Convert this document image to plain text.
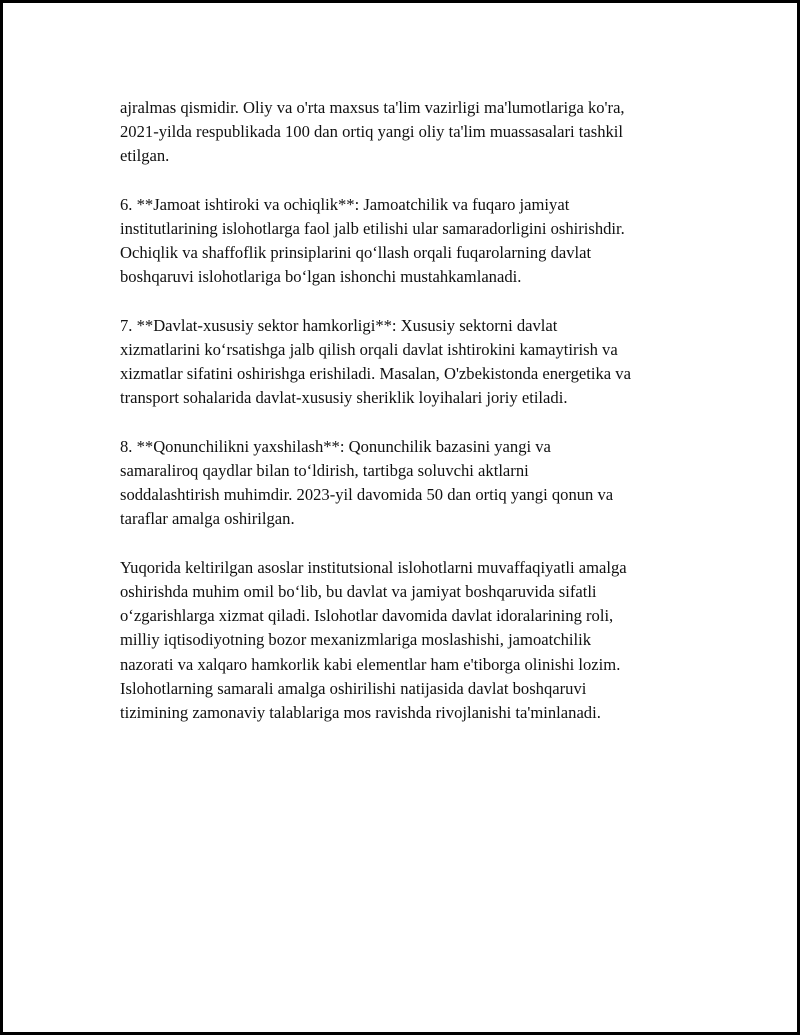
ajralmas qismidir. Oliy va o'rta maxsus ta'lim vazirligi ma'lumotlariga ko'ra,
2021-yilda respublikada 100 dan ortiq yangi oliy ta'lim muassasalari tashkil
etilgan.

6. **Jamoat ishtiroki va ochiqlik**: Jamoatchilik va fuqaro jamiyat
institutlarining islohotlarga faol jalb etilishi ular samaradorligini oshirishdir.
Ochiqlik va shaffoflik prinsiplarini qo‘llash orqali fuqarolarning davlat
boshqaruvi islohotlariga bo‘lgan ishonchi mustahkamlanadi.

7. **Davlat-xususiy sektor hamkorligi**: Xususiy sektorni davlat
xizmatlarini ko‘rsatishga jalb qilish orqali davlat ishtirokini kamaytirish va
xizmatlar sifatini oshirishga erishiladi. Masalan, O'zbekistonda energetika va
transport sohalarida davlat-xususiy sheriklik loyihalari joriy etiladi.

8. **Qonunchilikni yaxshilash**: Qonunchilik bazasini yangi va
samaraliroq qaydlar bilan to‘ldirish, tartibga soluvchi aktlarni
soddalashtirish muhimdir. 2023-yil davomida 50 dan ortiq yangi qonun va
taraflar amalga oshirilgan.

Yuqorida keltirilgan asoslar institutsional islohotlarni muvaffaqiyatli amalga
oshirishda muhim omil bo‘lib, bu davlat va jamiyat boshqaruvida sifatli
o‘zgarishlarga xizmat qiladi. Islohotlar davomida davlat idoralarining roli,
milliy iqtisodiyotning bozor mexanizmlariga moslashishi, jamoatchilik
nazorati va xalqaro hamkorlik kabi elementlar ham e'tiborga olinishi lozim.
Islohotlarning samarali amalga oshirilishi natijasida davlat boshqaruvi
tizimining zamonaviy talablariga mos ravishda rivojlanishi ta'minlanadi.
